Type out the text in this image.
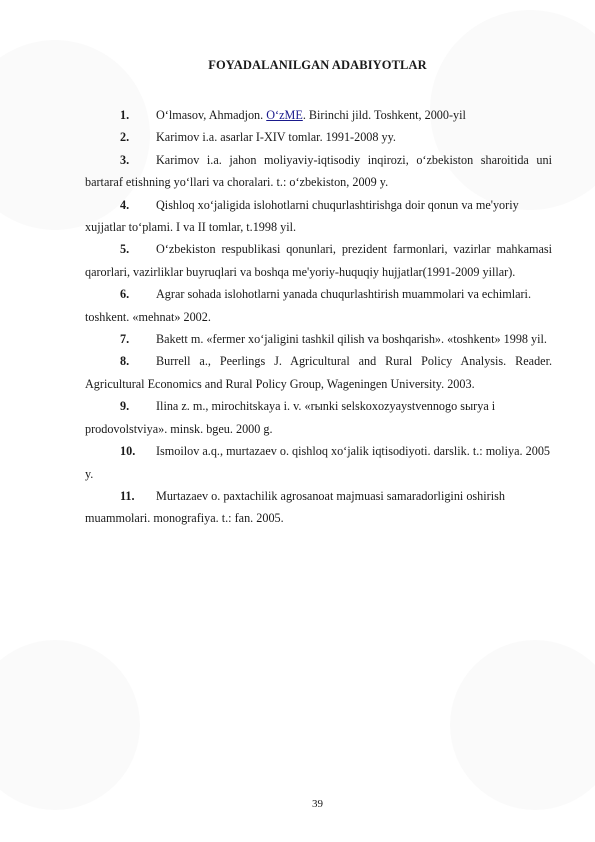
FOYADALANILGAN ADABIYOTLAR
1. O‘lmasov, Ahmadjon. O‘zME. Birinchi jild. Toshkent, 2000-yil
2. Karimov i.a. asarlar I-XIV tomlar. 1991-2008 yy.
3. Karimov i.a. jahon moliyaviy-iqtisodiy inqirozi, o‘zbekiston sharoitida uni bartaraf etishning yo‘llari va choralari. t.: o‘zbekiston, 2009 y.
4. Qishloq xo‘jaligida islohotlarni chuqurlashtirishga doir qonun va me'yoriy xujjatlar to‘plami. I va II tomlar, t.1998 yil.
5. O‘zbekiston respublikasi qonunlari, prezident farmonlari, vazirlar mahkamasi qarorlari, vazirliklar buyruqlari va boshqa me'yoriy-huquqiy hujjatlar(1991-2009 yillar).
6. Agrar sohada islohotlarni yanada chuqurlashtirish muammolari va echimlari. toshkent. «mehnat» 2002.
7. Bakett m. «fermer xo‘jaligini tashkil qilish va boshqarish». «toshkent» 1998 yil.
8. Burrell a., Peerlings J. Agricultural and Rural Policy Analysis. Reader. Agricultural Economics and Rural Policy Group, Wageningen University. 2003.
9. Ilina z. m., mirochitskaya i. v. «rыnki selskoxozyaystvennogo sыrya i prodovolstviya». minsk. bgeu. 2000 g.
10. Ismoilov a.q., murtazaev o. qishloq xo‘jalik iqtisodiyoti. darslik. t.: moliya. 2005 y.
11. Murtazaev o. paxtachilik agrosanoat majmuasi samaradorligini oshirish muammolari. monografiya. t.: fan. 2005.
39
